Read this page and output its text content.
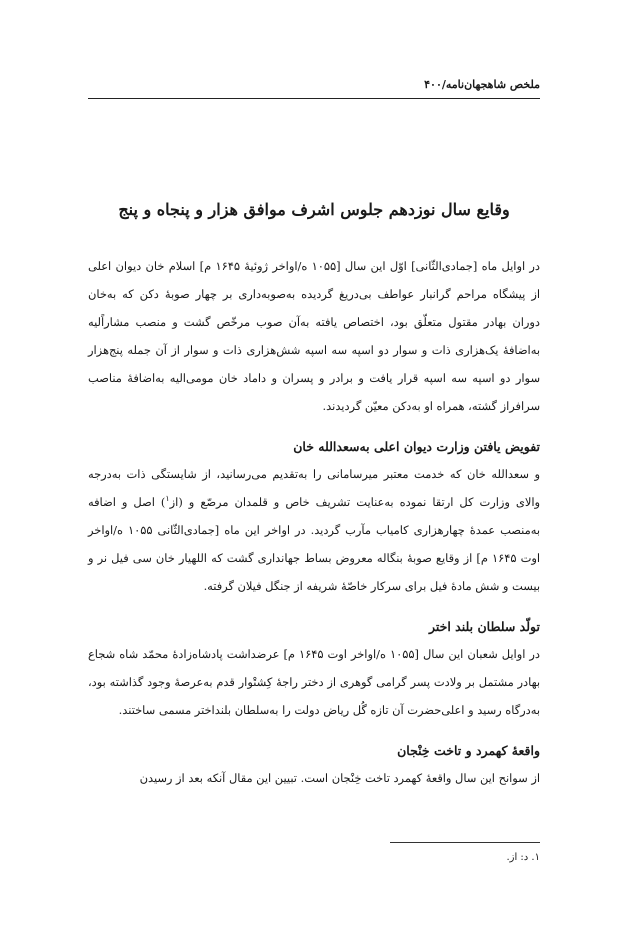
ملخص شاهجهان‌نامه/۴۰۰
وقایع سال نوزدهم جلوس اشرف موافق هزار و پنجاه و پنج

در اوایل ماه [جمادی‌الثّانی] اوّل این سال [۱۰۵۵ ه/اواخر ژوئیهٔ ۱۶۴۵ م] اسلام خان دیوان اعلی از پیشگاه مراحم گرانبار عواطف بی‌دریغ گردیده به‌صوبه‌داری بر چهار صوبهٔ دکن که به‌خان دوران بهادر مقتول متعلّق بود، اختصاص یافته به‌آن صوب مرخّص گشت و منصب مشاراًلیه به‌اضافهٔ یک‌هزاری ذات و سوار دو اسپه سه اسپه شش‌هزاری ذات و سوار از آن جمله پنج‌هزار سوار دو اسپه سه اسپه قرار یافت و برادر و پسران و داماد خان مومی‌الیه به‌اضافهٔ مناصب سرافراز گشته، همراه او به‌دکن معیّن گردیدند.

تفویض یافتن وزارت دیوان اعلی به‌سعدالله خان

و سعدالله خان که خدمت معتبر میرسامانی را به‌تقدیم می‌رسانید، از شایستگی ذات به‌درجه والای وزارت کل ارتقا نموده به‌عنایت تشریف خاص و قلمدان مرصّع و (از$^۱$) اصل و اضافه به‌منصب عمدهٔ چهارهزاری کامیاب مآرب گردید. در اواخر این ماه [جمادی‌الثّانی ۱۰۵۵ ه/اواخر اوت ۱۶۴۵ م] از وقایع صوبهٔ بنگاله معروض بساط جهانداری گشت که اللهیار خان سی فیل نر و بیست و شش مادهٔ فیل برای سرکار خاصّهٔ شریفه از جنگل فیلان گرفته.

تولّد سلطان بلند اختر

در اوایل شعبان این سال [۱۰۵۵ ه/اواخر اوت ۱۶۴۵ م] عرضداشت پادشاه‌زادهٔ محمّد شاه شجاع بهادر مشتمل بر ولادت پسر گرامی گوهری از دختر راجهٔ کِشتْوار قدم به‌عرصهٔ وجود گذاشته بود، به‌درگاه رسید و اعلی‌حضرت آن تازه گُل ریاض دولت را به‌سلطان بلنداختر مسمی ساختند.

واقعهٔ کهمرد و تاخت خِنْجان

از سوانح این سال واقعهٔ کهمرد تاخت خِنْجان است. تبیین این مقال آنکه بعد از رسیدن

۱. د: از.
